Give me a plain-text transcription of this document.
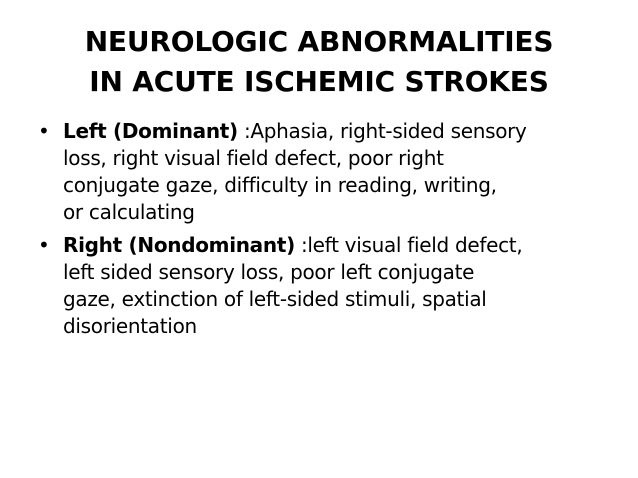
NEUROLOGIC ABNORMALITIES
IN ACUTE ISCHEMIC STROKES
• Left (Dominant) :Aphasia, right-sided sensory
loss, right visual field defect, poor right
conjugate gaze, difficulty in reading, writing,
or calculating
• Right (Nondominant) :left visual field defect,
left sided sensory loss, poor left conjugate
gaze, extinction of left-sided stimuli, spatial
disorientation
